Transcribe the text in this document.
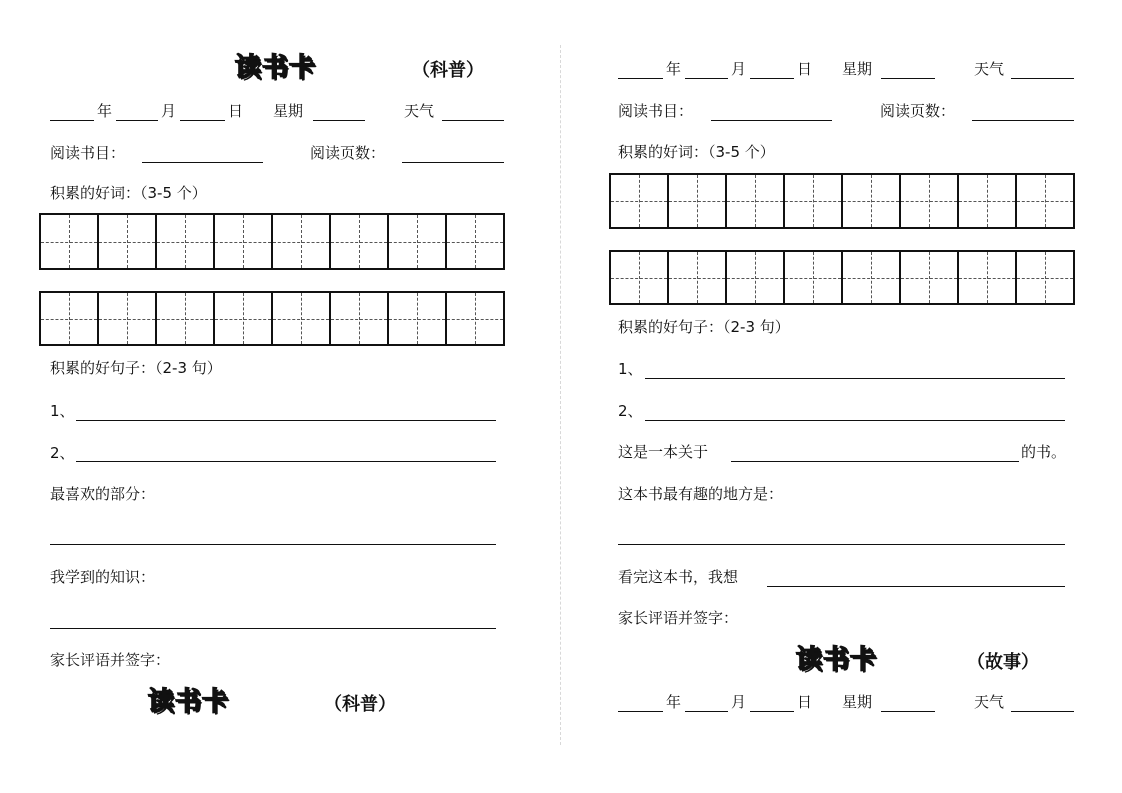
读书卡	（科普）
年	月	日 星期	天气
阅读书目：	阅读页数：
积累的好词：（3-5 个）
积累的好句子：（2-3 句）
1、
2、
最喜欢的部分：
我学到的知识：
家长评语并签字：
读书卡	（科普）
年	月	日 星期	天气
阅读书目：	阅读页数：
积累的好词：（3-5 个）
积累的好句子：（2-3 句）
1、
2、
这是一本关于	的书。
这本书最有趣的地方是：
看完这本书，我想
家长评语并签字：
读书卡	（故事）
年	月	日 星期	天气
